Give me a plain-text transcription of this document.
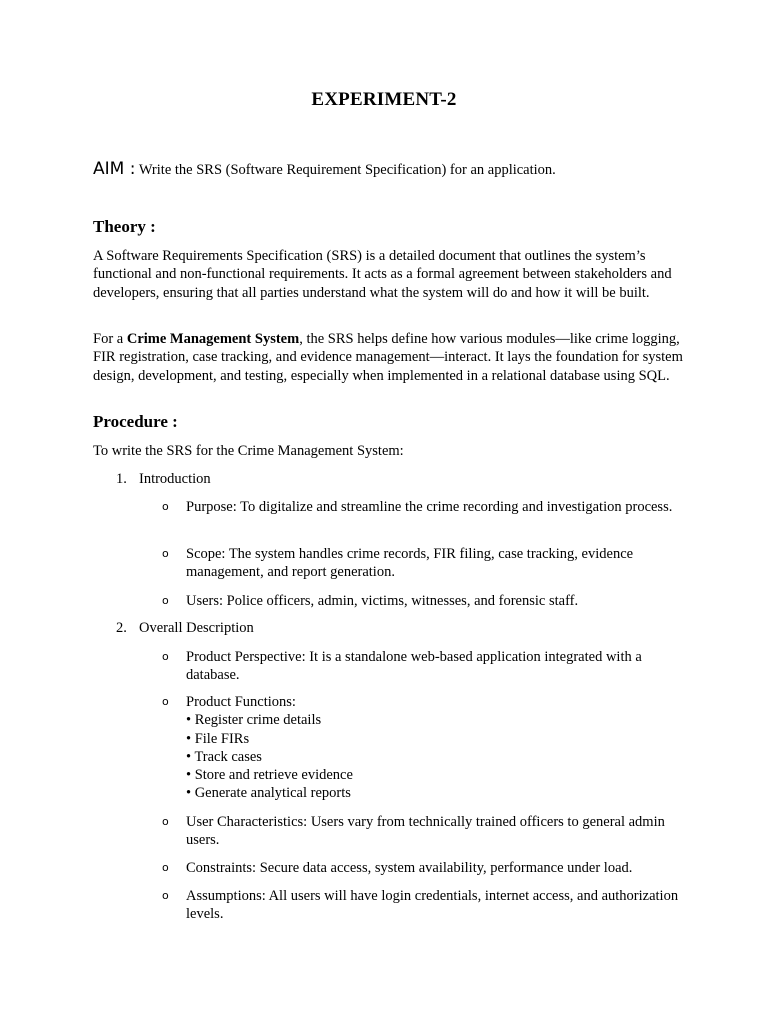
EXPERIMENT-2
AIM : Write the SRS (Software Requirement Specification) for an application.
Theory :
A Software Requirements Specification (SRS) is a detailed document that outlines the system’s functional and non-functional requirements. It acts as a formal agreement between stakeholders and developers, ensuring that all parties understand what the system will do and how it will be built.
For a Crime Management System, the SRS helps define how various modules—like crime logging, FIR registration, case tracking, and evidence management—interact. It lays the foundation for system design, development, and testing, especially when implemented in a relational database using SQL.
Procedure :
To write the SRS for the Crime Management System:
1. Introduction
o Purpose: To digitalize and streamline the crime recording and investigation process.
o Scope: The system handles crime records, FIR filing, case tracking, evidence management, and report generation.
o Users: Police officers, admin, victims, witnesses, and forensic staff.
2. Overall Description
o Product Perspective: It is a standalone web-based application integrated with a database.
o Product Functions:
• Register crime details
• File FIRs
• Track cases
• Store and retrieve evidence
• Generate analytical reports
o User Characteristics: Users vary from technically trained officers to general admin users.
o Constraints: Secure data access, system availability, performance under load.
o Assumptions: All users will have login credentials, internet access, and authorization levels.
